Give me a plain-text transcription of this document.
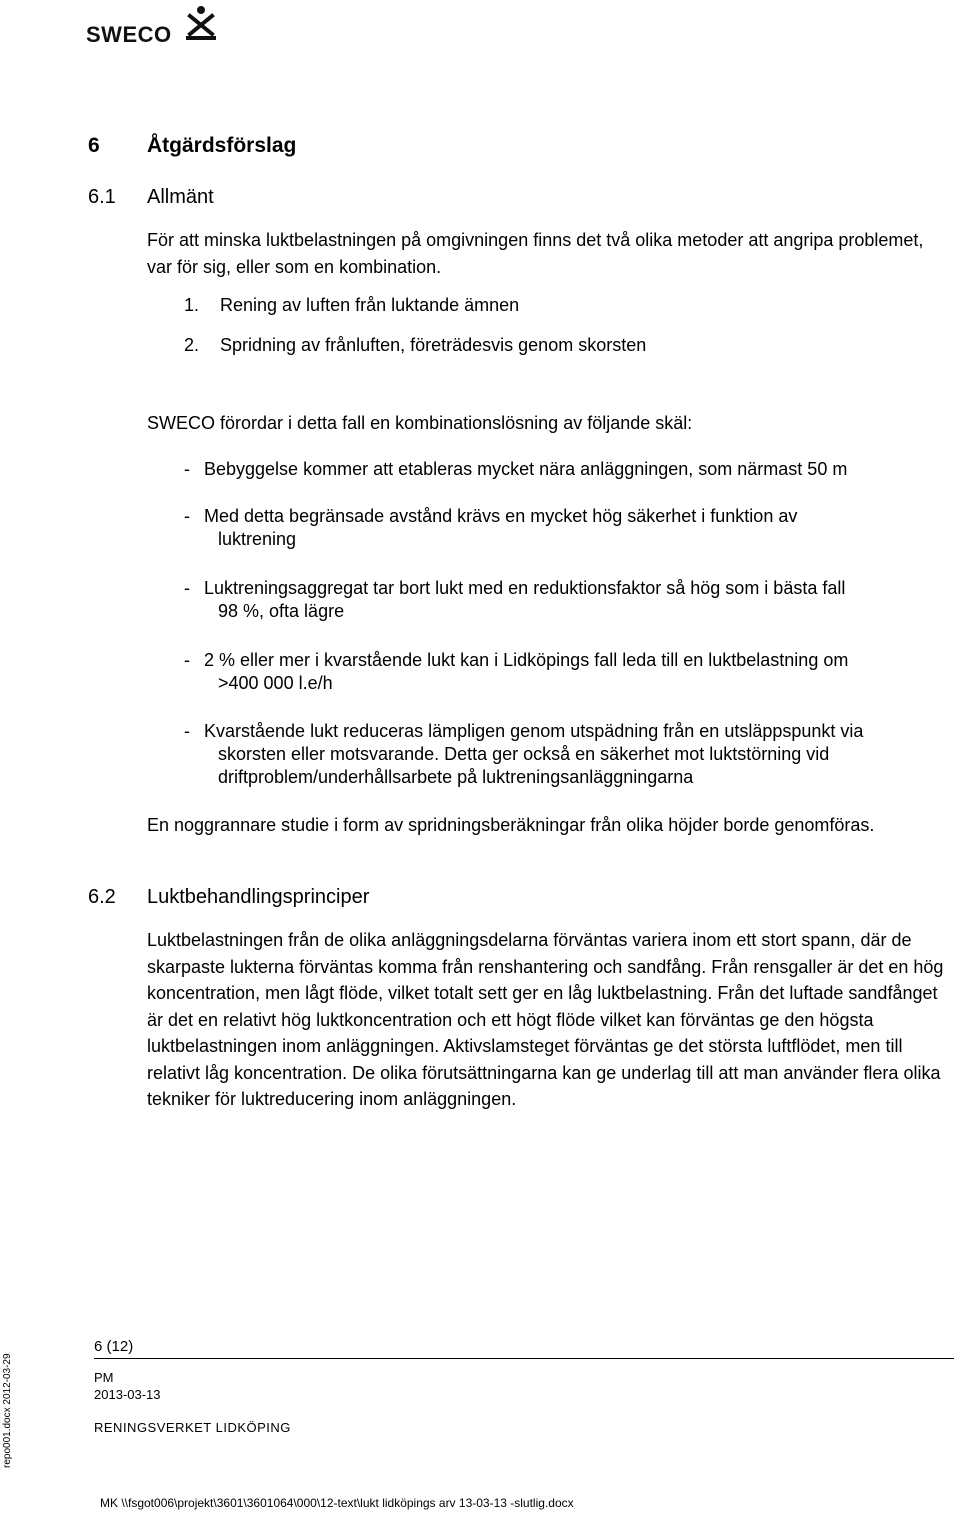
SWECO
6 Åtgärdsförslag
6.1 Allmänt
För att minska luktbelastningen på omgivningen finns det två olika metoder att angripa problemet, var för sig, eller som en kombination.
1. Rening av luften från luktande ämnen
2. Spridning av frånluften, företrädesvis genom skorsten
SWECO förordar i detta fall en kombinationslösning av följande skäl:
- Bebyggelse kommer att etableras mycket nära anläggningen, som närmast 50 m
- Med detta begränsade avstånd krävs en mycket hög säkerhet i funktion av
luktrening
- Luktreningsaggregat tar bort lukt med en reduktionsfaktor så hög som i bästa fall
98 %, ofta lägre
- 2 % eller mer i kvarstående lukt kan i Lidköpings fall leda till en luktbelastning om
>400 000 l.e/h
- Kvarstående lukt reduceras lämpligen genom utspädning från en utsläppspunkt via
skorsten eller motsvarande. Detta ger också en säkerhet mot luktstörning vid
driftproblem/underhållsarbete på luktreningsanläggningarna
En noggrannare studie i form av spridningsberäkningar från olika höjder borde genomföras.
6.2 Luktbehandlingsprinciper
Luktbelastningen från de olika anläggningsdelarna förväntas variera inom ett stort spann, där de skarpaste lukterna förväntas komma från renshantering och sandfång. Från rensgaller är det en hög koncentration, men lågt flöde, vilket totalt sett ger en låg luktbelastning. Från det luftade sandfånget är det en relativt hög luktkoncentration och ett högt flöde vilket kan förväntas ge den högsta luktbelastningen inom anläggningen. Aktivslamsteget förväntas ge det största luftflödet, men till relativt låg koncentration. De olika förutsättningarna kan ge underlag till att man använder flera olika tekniker för luktreducering inom anläggningen.
6 (12)
PM
2013-03-13
RENINGSVERKET LIDKÖPING
MK \\fsgot006\projekt\3601\3601064\000\12-text\lukt lidköpings arv 13-03-13 -slutlig.docx
repo001.docx 2012-03-29
